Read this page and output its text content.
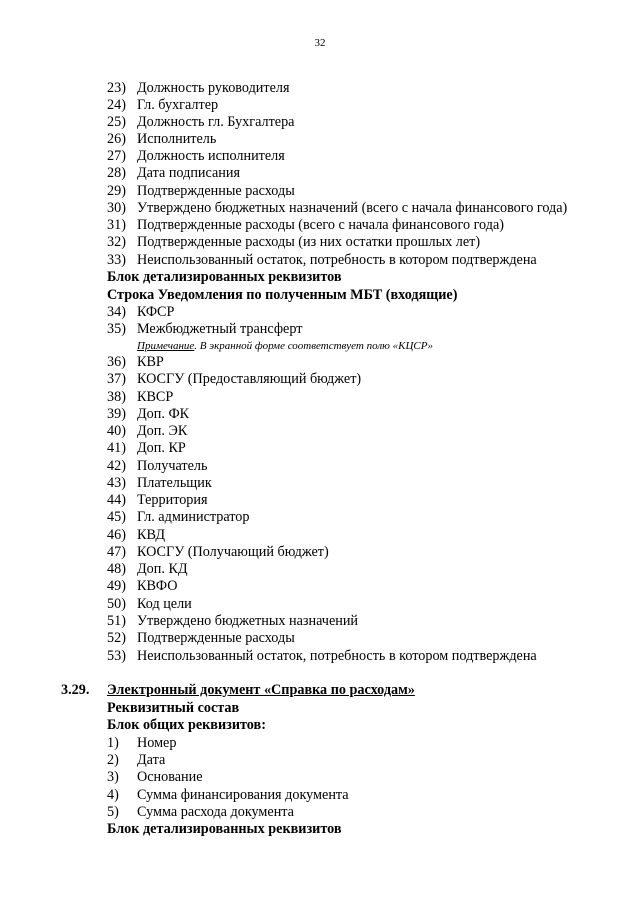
32
23) Должность руководителя
24) Гл. бухгалтер
25) Должность гл. Бухгалтера
26) Исполнитель
27) Должность исполнителя
28) Дата подписания
29) Подтвержденные расходы
30) Утверждено бюджетных назначений (всего с начала финансового года)
31) Подтвержденные расходы (всего с начала финансового года)
32) Подтвержденные расходы (из них остатки прошлых лет)
33) Неиспользованный остаток, потребность в котором подтверждена
Блок детализированных реквизитов
Строка Уведомления по полученным МБТ (входящие)
34) КФСР
35) Межбюджетный трансферт
Примечание. В экранной форме соответствует полю «КЦСР»
36) КВР
37) КОСГУ (Предоставляющий бюджет)
38) КВСР
39) Доп. ФК
40) Доп. ЭК
41) Доп. КР
42) Получатель
43) Плательщик
44) Территория
45) Гл. администратор
46) КВД
47) КОСГУ (Получающий бюджет)
48) Доп. КД
49) КВФО
50) Код цели
51) Утверждено бюджетных назначений
52) Подтвержденные расходы
53) Неиспользованный остаток, потребность в котором подтверждена
3.29. Электронный документ «Справка по расходам»
Реквизитный состав
Блок общих реквизитов:
1)	Номер
2)	Дата
3)	Основание
4)	Сумма финансирования документа
5)	Сумма расхода документа
Блок детализированных реквизитов
